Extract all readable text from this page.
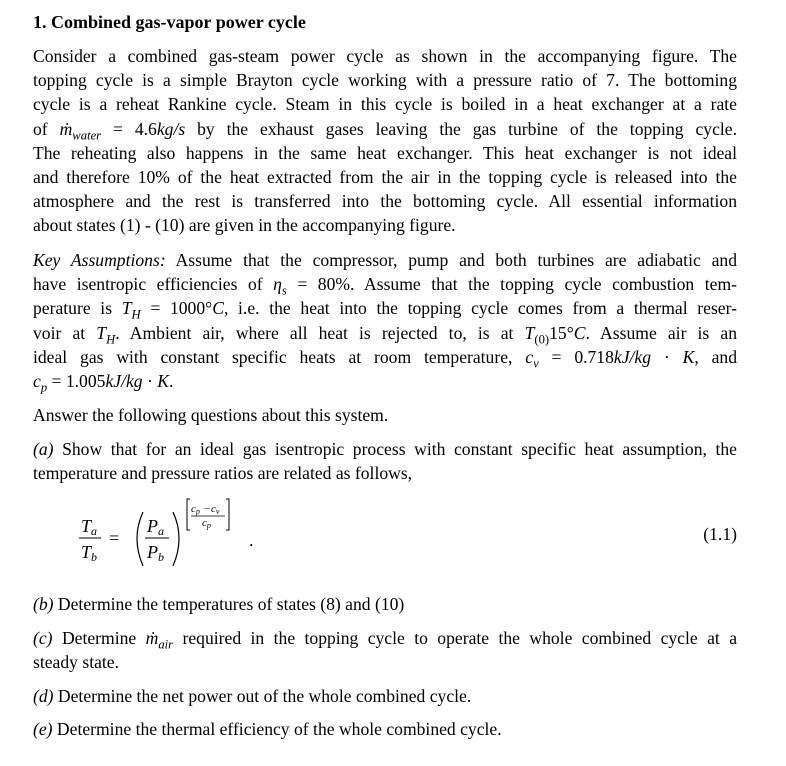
1. Combined gas-vapor power cycle

Consider a combined gas-steam power cycle as shown in the accompanying figure. The
topping cycle is a simple Brayton cycle working with a pressure ratio of 7. The bottoming
cycle is a reheat Rankine cycle. Steam in this cycle is boiled in a heat exchanger at a rate
of ṁ$_{water}$ = 4.6kg/s by the exhaust gases leaving the gas turbine of the topping cycle.
The reheating also happens in the same heat exchanger. This heat exchanger is not ideal
and therefore 10% of the heat extracted from the air in the topping cycle is released into the
atmosphere and the rest is transferred into the bottoming cycle. All essential information
about states (1) - (10) are given in the accompanying figure.

Key Assumptions: Assume that the compressor, pump and both turbines are adiabatic and
have isentropic efficiencies of $\eta_s = 80\%$. Assume that the topping cycle combustion tem-
perature is $T_H = 1000^\circ C$, i.e. the heat into the topping cycle comes from a thermal reser-
voir at $T_H$. Ambient air, where all heat is rejected to, is at $T_{(0)}15^\circ C$. Assume air is an
ideal gas with constant specific heats at room temperature, $c_v = 0.718kJ/kg \cdot K$, and
$c_p = 1.005kJ/kg \cdot K$.

Answer the following questions about this system.

(a) Show that for an ideal gas isentropic process with constant specific heat assumption, the
temperature and pressure ratios are related as follows,

Ta
Tb
=
Pa
Pb
cp − cv
cp
.	(1.1)

(b) Determine the temperatures of states (8) and (10)

(c) Determine ṁ$_{air}$ required in the topping cycle to operate the whole combined cycle at a
steady state.

(d) Determine the net power out of the whole combined cycle.

(e) Determine the thermal efficiency of the whole combined cycle.
